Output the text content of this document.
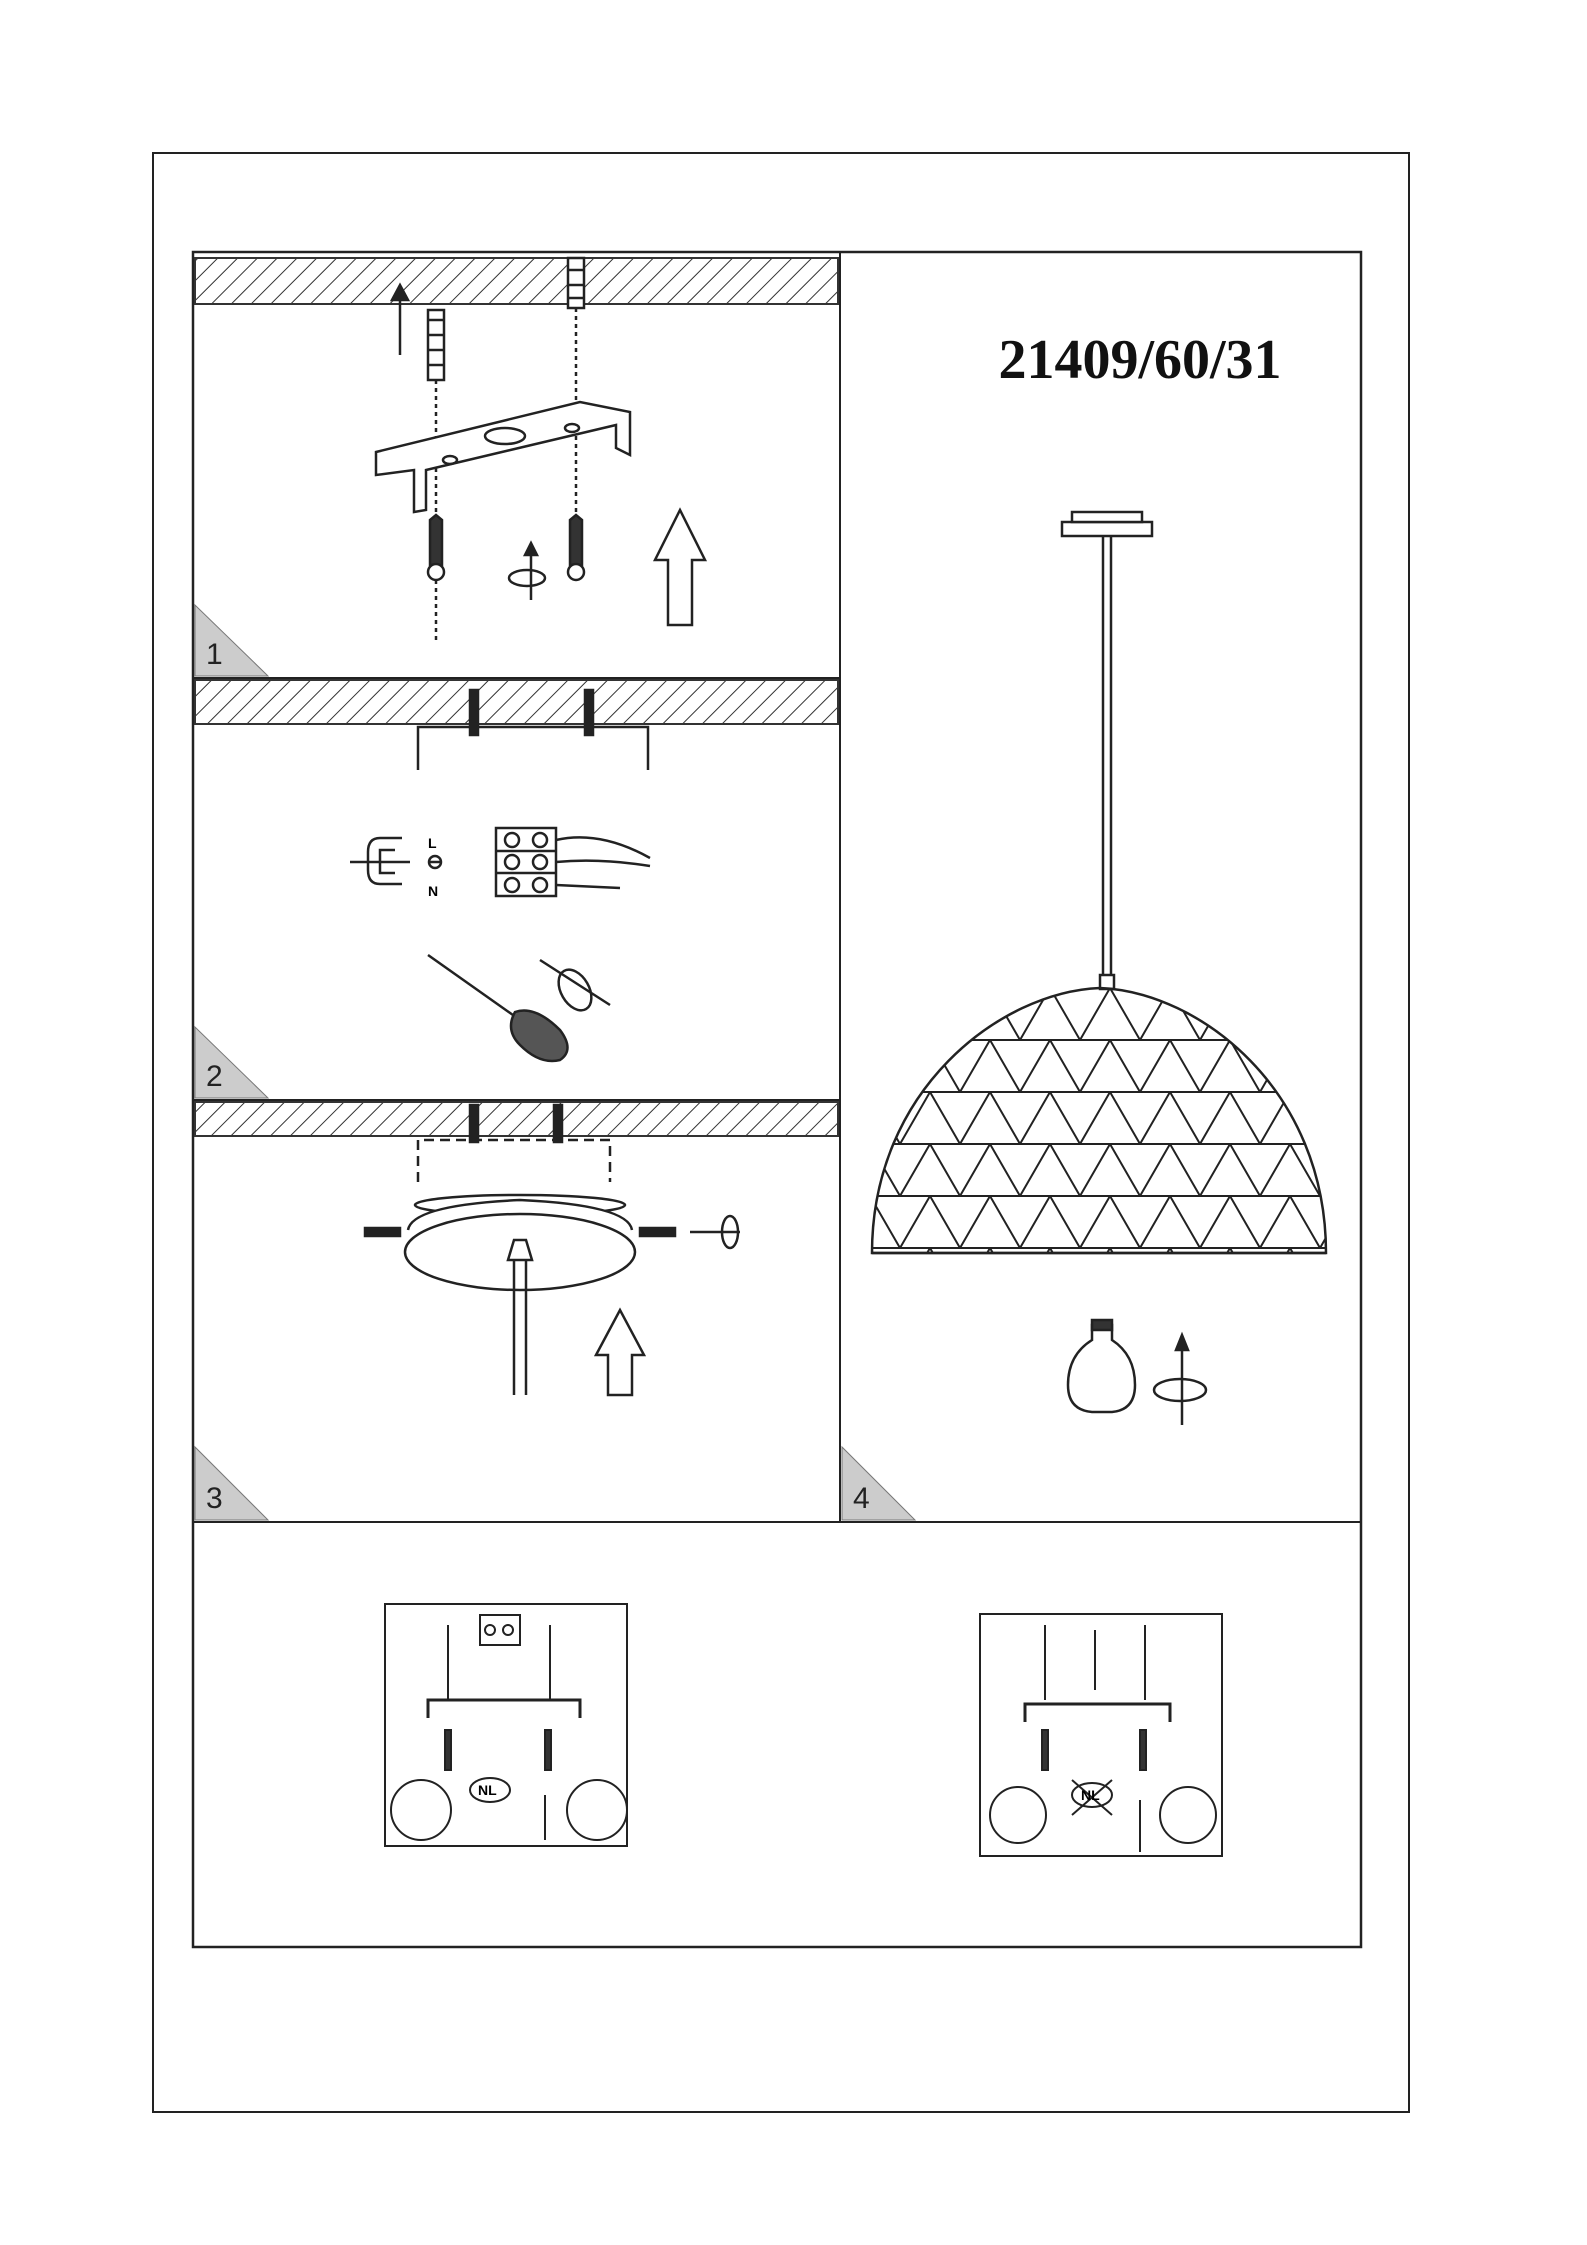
L
N
NL	NL
21409/60/31
1
2
3	4
